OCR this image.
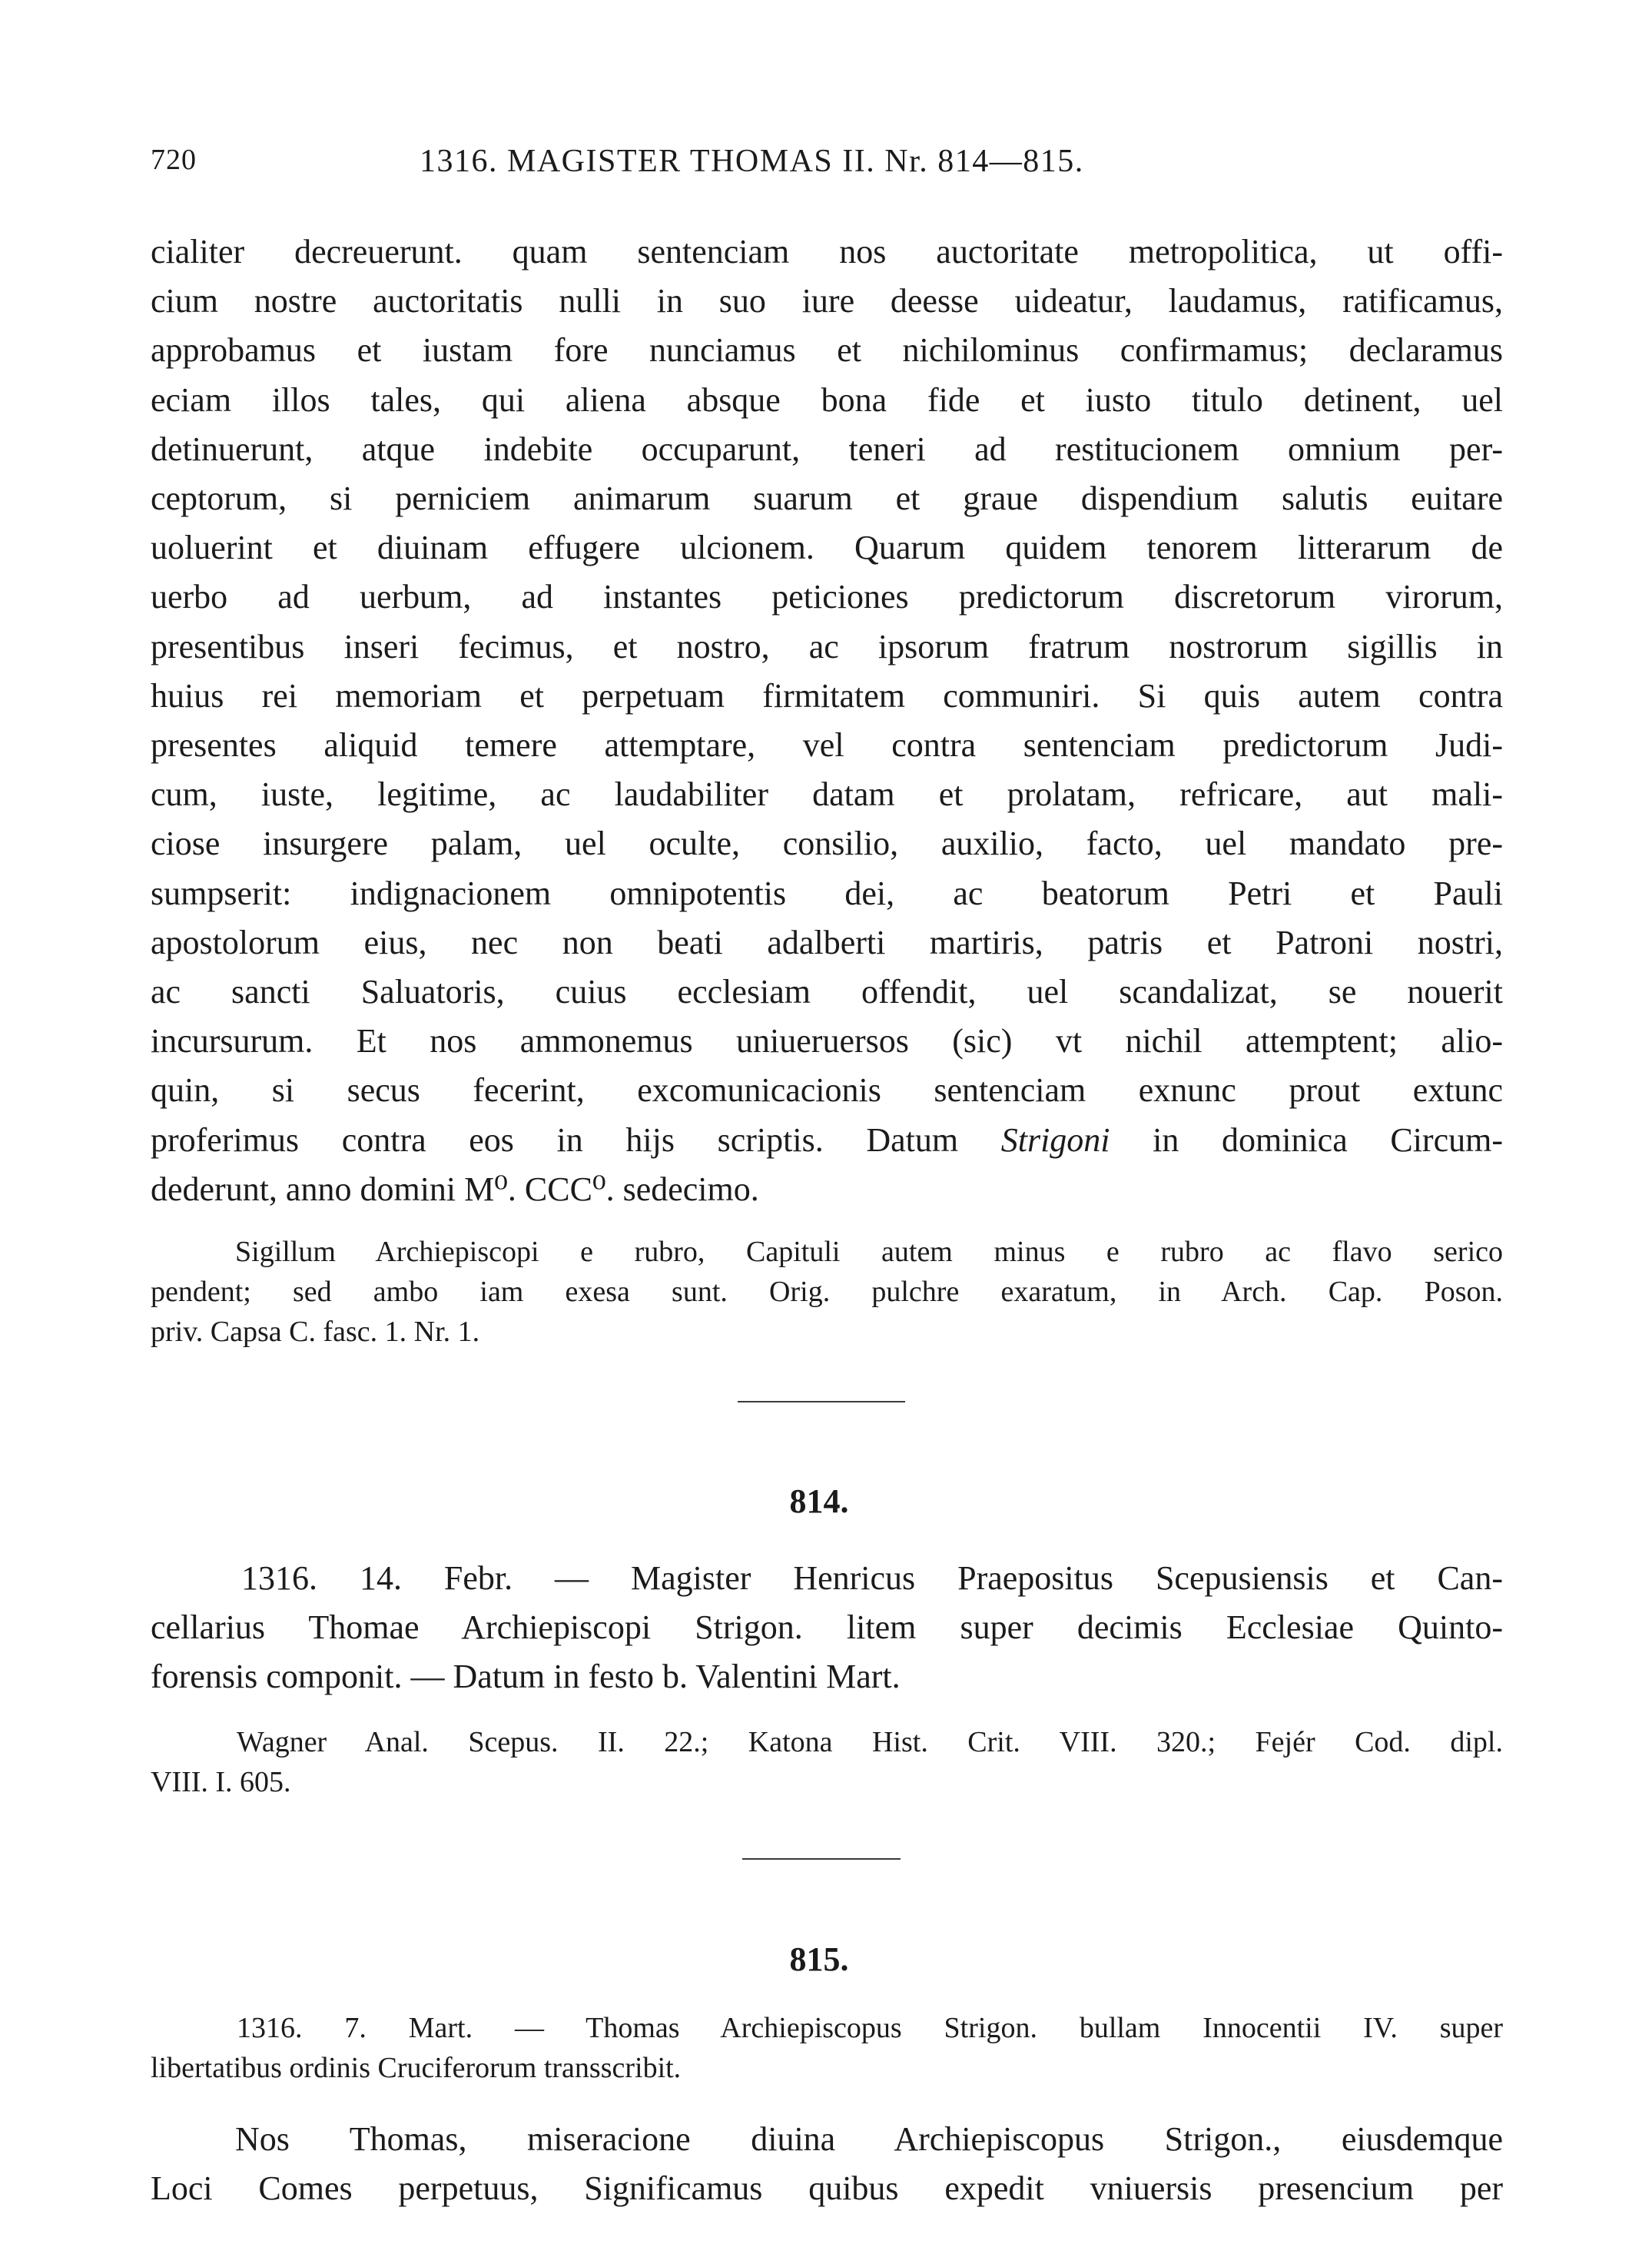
720	1316. MAGISTER THOMAS II. Nr. 814—815.
cialiter decreuerunt. quam sentenciam nos auctoritate metropolitica, ut offi-
cium nostre auctoritatis nulli in suo iure deesse uideatur, laudamus, ratificamus,
approbamus et iustam fore nunciamus et nichilominus confirmamus; declaramus
eciam illos tales, qui aliena absque bona fide et iusto titulo detinent, uel
detinuerunt, atque indebite occuparunt, teneri ad restitucionem omnium per-
ceptorum, si perniciem animarum suarum et graue dispendium salutis euitare
uoluerint et diuinam effugere ulcionem. Quarum quidem tenorem litterarum de
uerbo ad uerbum, ad instantes peticiones predictorum discretorum virorum,
presentibus inseri fecimus, et nostro, ac ipsorum fratrum nostrorum sigillis in
huius rei memoriam et perpetuam firmitatem communiri. Si quis autem contra
presentes aliquid temere attemptare, vel contra sentenciam predictorum Judi-
cum, iuste, legitime, ac laudabiliter datam et prolatam, refricare, aut mali-
ciose insurgere palam, uel oculte, consilio, auxilio, facto, uel mandato pre-
sumpserit: indignacionem omnipotentis dei, ac beatorum Petri et Pauli
apostolorum eius, nec non beati adalberti martiris, patris et Patroni nostri,
ac sancti Saluatoris, cuius ecclesiam offendit, uel scandalizat, se nouerit
incursurum. Et nos ammonemus uniueruersos (sic) vt nichil attemptent; alio-
quin, si secus fecerint, excomunicacionis sentenciam exnunc prout extunc
proferimus contra eos in hijs scriptis. Datum Strigoni in dominica Circum-
dederunt, anno domini M⁰. CCC⁰. sedecimo.
Sigillum Archiepiscopi e rubro, Capituli autem minus e rubro ac flavo serico
pendent; sed ambo iam exesa sunt. Orig. pulchre exaratum, in Arch. Cap. Poson.
priv. Capsa C. fasc. 1. Nr. 1.
814.
1316. 14. Febr. — Magister Henricus Praepositus Scepusiensis et Can-
cellarius Thomae Archiepiscopi Strigon. litem super decimis Ecclesiae Quinto-
forensis componit. — Datum in festo b. Valentini Mart.
Wagner Anal. Scepus. II. 22.; Katona Hist. Crit. VIII. 320.; Fejér Cod. dipl.
VIII. I. 605.
815.
1316. 7. Mart. — Thomas Archiepiscopus Strigon. bullam Innocentii IV. super
libertatibus ordinis Cruciferorum transscribit.
Nos Thomas, miseracione diuina Archiepiscopus Strigon., eiusdemque
Loci Comes perpetuus, Significamus quibus expedit vniuersis presencium per
